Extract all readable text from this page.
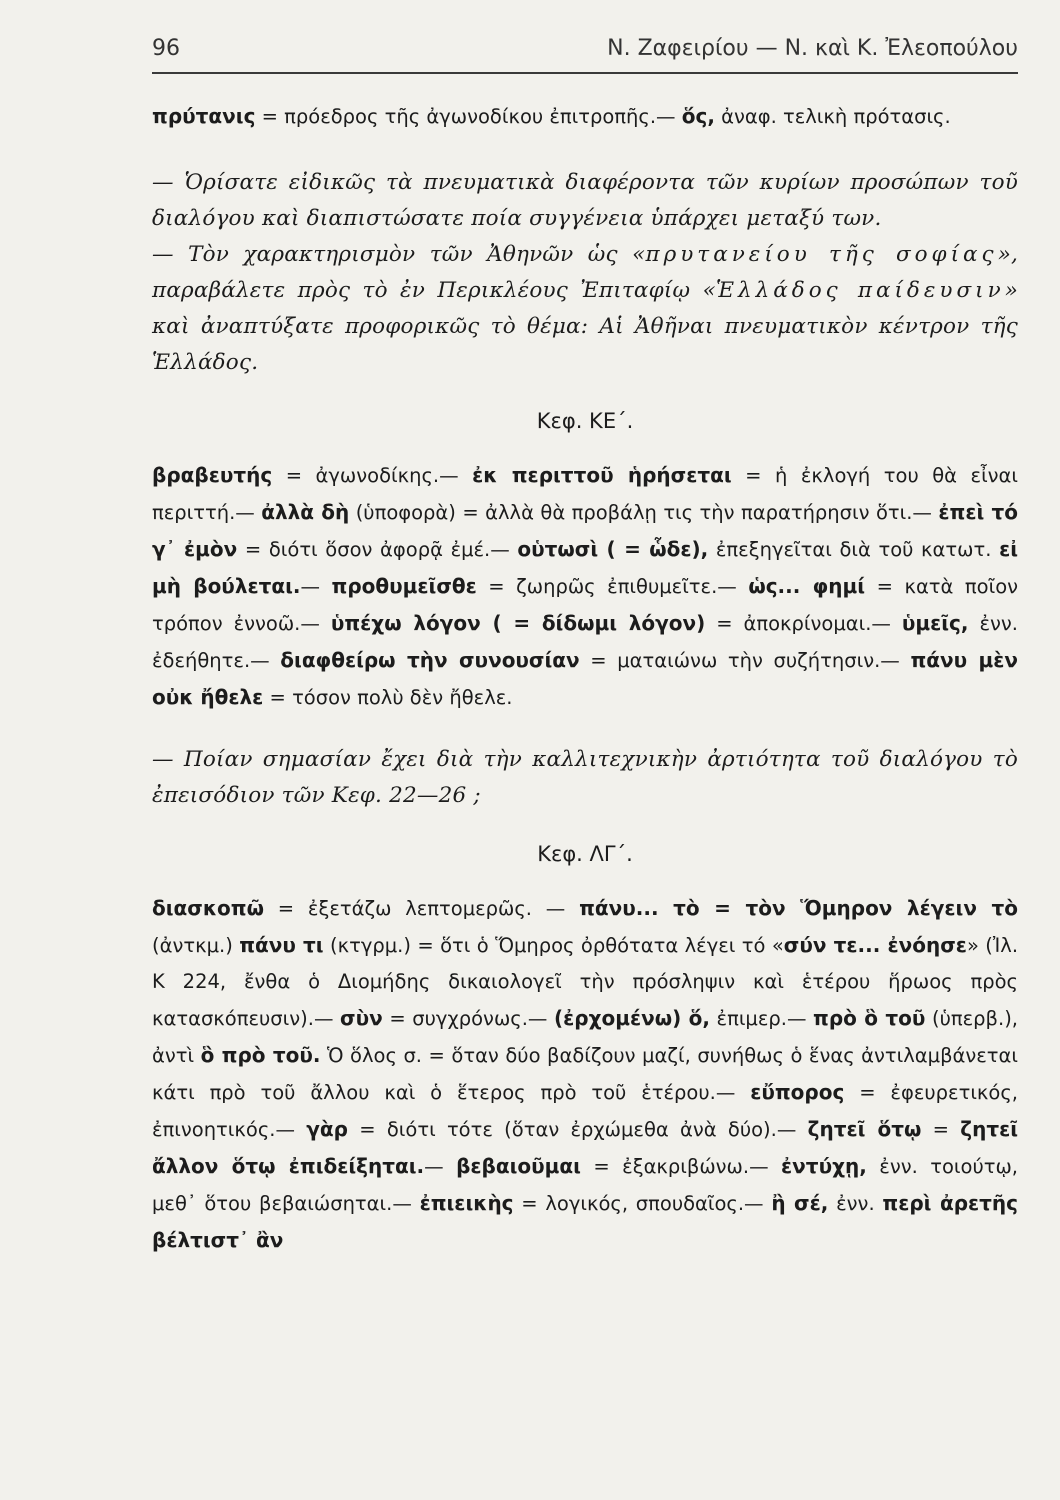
96	Ν. Ζαφειρίου — Ν. καὶ Κ. Ἐλεοπούλου

πρύτανις = πρόεδρος τῆς ἀγωνοδίκου ἐπιτροπῆς.— ὅς, ἀναφ. τελικὴ πρότασις.

— Ὁρίσατε εἰδικῶς τὰ πνευματικὰ διαφέροντα τῶν κυρίων προσώπων τοῦ διαλόγου καὶ διαπιστώσατε ποία συγγένεια ὑπάρχει μεταξύ των.

— Τὸν χαρακτηρισμὸν τῶν Ἀθηνῶν ὡς «πρυτανείου τῆς σοφίας», παραβάλετε πρὸς τὸ ἐν Περικλέους Ἐπιταφίῳ «Ἑλλάδος παίδευσιν» καὶ ἀναπτύξατε προφορικῶς τὸ θέμα: Αἱ Ἀθῆναι πνευματικὸν κέντρον τῆς Ἑλλάδος.

Κεφ. ΚΕ΄.

βραβευτής = ἀγωνοδίκης.— ἐκ περιττοῦ ἡρήσεται = ἡ ἐκλογή του θὰ εἶναι περιττή.— ἀλλὰ δὴ (ὑποφορὰ) = ἀλλὰ θὰ προβάλῃ τις τὴν παρατήρησιν ὅτι.— ἐπεὶ τό γ᾽ ἐμὸν = διότι ὅσον ἀφορᾷ ἐμέ.— οὑτωσὶ ( = ὧδε), ἐπεξηγεῖται διὰ τοῦ κατωτ. εἰ μὴ βούλεται.— προθυμεῖσθε = ζωηρῶς ἐπιθυμεῖτε.— ὡς... φημί = κατὰ ποῖον τρόπον ἐννοῶ.— ὑπέχω λόγον ( = δίδωμι λόγον) = ἀποκρίνομαι.— ὑμεῖς, ἐνν. ἐδεήθητε.— διαφθείρω τὴν συνουσίαν = ματαιώνω τὴν συζήτησιν.— πάνυ μὲν οὐκ ἤθελε = τόσον πολὺ δὲν ἤθελε.

— Ποίαν σημασίαν ἔχει διὰ τὴν καλλιτεχνικὴν ἀρτιότητα τοῦ διαλόγου τὸ ἐπεισόδιον τῶν Κεφ. 22—26 ;

Κεφ. ΛΓ΄.

διασκοπῶ = ἐξετάζω λεπτομερῶς. — πάνυ... τὸ = τὸν Ὅμηρον λέγειν τὸ (ἀντκμ.) πάνυ τι (κτγρμ.) = ὅτι ὁ Ὅμηρος ὀρθότατα λέγει τό «σύν τε... ἐνόησε» (Ἰλ. Κ 224, ἔνθα ὁ Διομήδης δικαιολογεῖ τὴν πρόσληψιν καὶ ἑτέρου ἥρωος πρὸς κατασκόπευσιν).— σὺν = συγχρόνως.— (ἐρχομένω) ὅ, ἐπιμερ.— πρὸ ὃ τοῦ (ὑπερβ.), ἀντὶ ὃ πρὸ τοῦ. Ὁ ὅλος σ. = ὅταν δύο βαδίζουν μαζί, συνήθως ὁ ἕνας ἀντιλαμβάνεται κάτι πρὸ τοῦ ἄλλου καὶ ὁ ἕτερος πρὸ τοῦ ἑτέρου.— εὔπορος = ἐφευρετικός, ἐπινοητικός.— γὰρ = διότι τότε (ὅταν ἐρχώμεθα ἀνὰ δύο).— ζητεῖ ὅτῳ = ζητεῖ ἄλλον ὅτῳ ἐπιδείξηται.— βεβαιοῦμαι = ἐξακριβώνω.— ἐντύχῃ, ἐνν. τοιούτῳ, μεθ᾽ ὅτου βεβαιώσηται.— ἐπιεικὴς = λογικός, σπουδαῖος.— ἢ σέ, ἐνν. περὶ ἀρετῆς βέλτιστ᾽ ἂν
